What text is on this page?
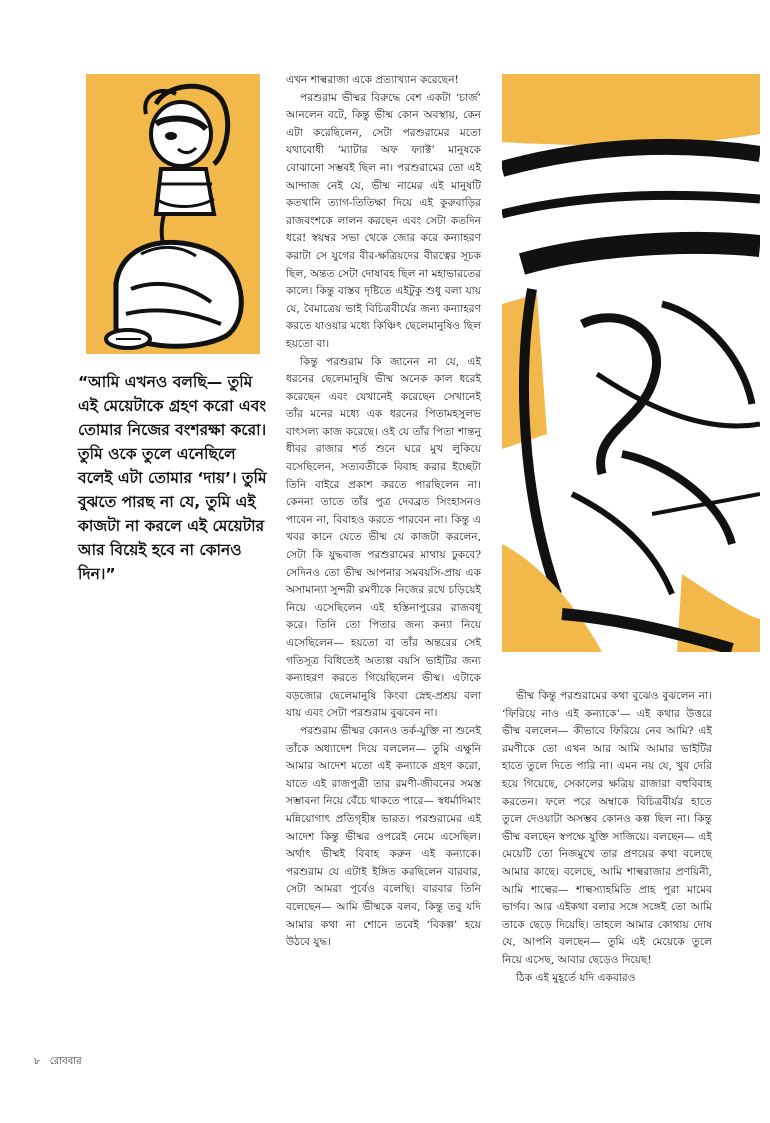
“আমি এখনও বলছি— তুমি এই মেয়েটাকে গ্রহণ করো এবং তোমার নিজের বংশরক্ষা করো। তুমি ওকে তুলে এনেছিলে বলেই এটা তোমার ‘দায়’। তুমি বুঝতে পারছ না যে, তুমি এই কাজটা না করলে এই মেয়েটার আর বিয়েই হবে না কোনও দিন।”

এখন শাল্বরাজা একে প্রত্যাখ্যান করেছেন!

পরশুরাম ভীষ্মর বিরুদ্ধে বেশ একটা ‘চার্জ’ আনলেন বটে, কিন্তু ভীষ্ম কোন অবস্থায়, কেন এটা করেছিলেন, সেটা পরশুরামের মতো যথাবোধী ‘ম্যাটার অফ ফ্যাক্ট’ মানুষকে বোঝানো সম্ভবই ছিল না। পরশুরামের তো এই আন্দাজ নেই যে, ভীষ্ম নামের এই মানুষটি কতখানি ত্যাগ-তিতিক্ষা দিয়ে এই কুরুবাড়ির রাজবংশকে লালন করছেন এবং সেটা কতদিন ধরে! স্বয়ম্বর সভা থেকে জোর করে কন্যাহরণ করাটা সে যুগের বীর-ক্ষত্রিয়দের বীরত্বের সূচক ছিল, অন্তত সেটা দোষাবহ ছিল না মহাভারতের কালে। কিন্তু বাস্তব দৃষ্টিতে এইটুকু শুধু বলা যায় যে, বৈমাত্রেয় ভাই বিচিত্রবীর্যের জন্য কন্যাহরণ করতে যাওয়ার মধ্যে কিঞ্চিৎ ছেলেমানুষিও ছিল হয়তো বা।

কিন্তু পরশুরাম কি জানেন না যে, এই ধরনের ছেলেমানুষি ভীষ্ম অনেক কাল ধরেই করেছেন এবং যেখানেই করেছেন সেখানেই তাঁর মনের মধ্যে এক ধরনের পিতামহসুলভ বাৎসল্য কাজ করেছে। ওই যে তাঁর পিতা শান্তনু ধীবর রাজার শর্ত শুনে ঘরে মুখ লুকিয়ে বসেছিলেন, সত্যবতীকে বিবাহ করার ইচ্ছেটা তিনি বাইরে প্রকাশ করতে পারছিলেন না। কেননা তাতে তাঁর পুত্র দেবব্রত সিংহাসনও পাবেন না, বিবাহও করতে পারবেন না। কিন্তু এ খবর কানে যেতে ভীষ্ম যে কাজটা করলেন, সেটা কি যুদ্ধবাজ পরশুরামের মাথায় ঢুকবে? সেদিনও তো ভীষ্ম আপনার সমবয়সি-প্রায় এক অসামান্যা সুন্দরী রমণীকে নিজের রথে চড়িয়েই নিয়ে এসেছিলেন এই হস্তিনাপুরের রাজবধূ করে। তিনি তো পিতার জন্য কন্যা নিয়ে এসেছিলেন— হয়তো বা তাঁর অন্তরের সেই গতিসূত্র বিধিতেই অত্যল্প বয়সি ভাইটির জন্য কন্যাহরণ করতে গিয়েছিলেন ভীষ্ম। এটাকে বড়জোর ছেলেমানুষি কিংবা স্নেহ-প্রশ্রয় বলা যায় এবং সেটা পরশুরাম বুঝবেন না।

পরশুরাম ভীষ্মর কোনও তর্ক-যুক্তি না শুনেই তাঁকে অধ্যাদেশ দিয়ে বললেন— তুমি এক্ষুনি আমার আদেশ মতো এই কন্যাকে গ্রহণ করো, যাতে এই রাজপুত্রী তার রমণী-জীবনের সমস্ত সম্ভাবনা নিয়ে বেঁচে থাকতে পারে— স্বধর্মাদিমাং মন্নিয়োগাৎ প্রতিগৃহীষ্ব ভারত। পরশুরামের এই আদেশ কিন্তু ভীষ্মর ওপরেই নেমে এসেছিল। অর্থাৎ ভীষ্মই বিবাহ করুন এই কন্যাকে। পরশুরাম যে এটাই ইঙ্গিত করছিলেন বারবার, সেটা আমরা পূর্বেও বলেছি। বারবার তিনি বলেছেন— আমি ভীষ্মকে বলব, কিন্তু তবু যদি আমার কথা না শোনে তবেই ‘বিকল্প’ হয়ে উঠবে যুদ্ধ।

ভীষ্ম কিন্তু পরশুরামের কথা বুঝেও বুঝলেন না। ‘ফিরিয়ে নাও এই কন্যাকে’— এই কথার উত্তরে ভীষ্ম বললেন— কীভাবে ফিরিয়ে নেব আমি? এই রমণীকে তো এখন আর আমি আমার ভাইটির হাতে তুলে দিতে পারি না। এমন নয় যে, খুব দেরি হয়ে গিয়েছে, সেকালের ক্ষত্রিয় রাজারা বহুবিবাহ করতেন। ফলে পরে অম্বাকে বিচিত্রবীর্যর হাতে তুলে দেওয়াটা অসম্ভব কোনও কল্প ছিল না। কিন্তু ভীষ্ম বলছেন স্বপক্ষে যুক্তি সাজিয়ে। বলছেন— এই মেয়েটি তো নিজমুখে তার প্রণয়ের কথা বলেছে আমার কাছে। বলেছে, আমি শাল্বরাজার প্রণয়িনী, আমি শাল্বের— শাল্বস্যাহমিতি প্রাহ পুরা মামেব ভার্গব। আর এইকথা বলার সঙ্গে সঙ্গেই তো আমি তাকে ছেড়ে দিয়েছি। তাহলে আমার কোথায় দোষ যে, আপনি বলছেন— তুমি এই মেয়েকে তুলে নিয়ে এসেছ, আবার ছেড়েও দিয়েছ!

ঠিক এই মুহূর্তে যদি একবারও

৮ রোববার
